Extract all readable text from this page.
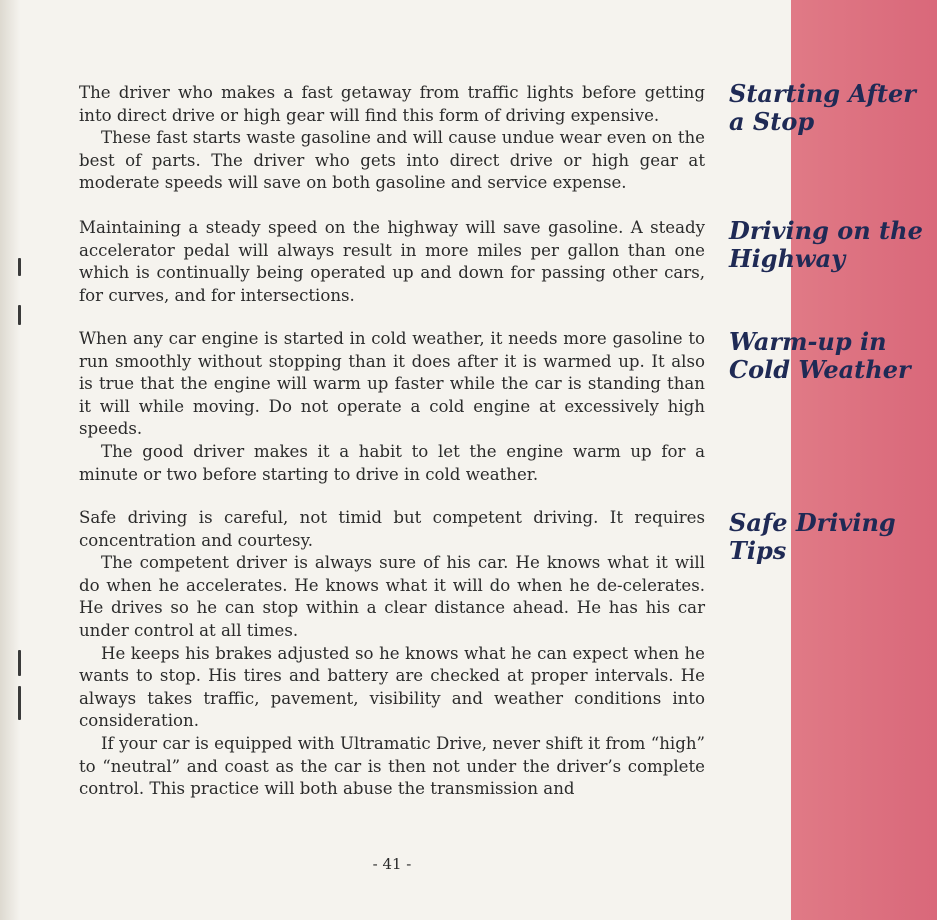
The driver who makes a fast getaway from traffic lights before getting into direct drive or high gear will find this form of driving expensive.

These fast starts waste gasoline and will cause undue wear even on the best of parts. The driver who gets into direct drive or high gear at moderate speeds will save on both gasoline and service expense.

Starting After a Stop

Maintaining a steady speed on the highway will save gasoline. A steady accelerator pedal will always result in more miles per gallon than one which is continually being operated up and down for passing other cars, for curves, and for intersections.

Driving on the Highway

When any car engine is started in cold weather, it needs more gasoline to run smoothly without stopping than it does after it is warmed up. It also is true that the engine will warm up faster while the car is standing than it will while moving. Do not operate a cold engine at excessively high speeds.

The good driver makes it a habit to let the engine warm up for a minute or two before starting to drive in cold weather.

Warm-up in Cold Weather

Safe driving is careful, not timid but competent driving. It requires concentration and courtesy.

The competent driver is always sure of his car. He knows what it will do when he accelerates. He knows what it will do when he de-celerates. He drives so he can stop within a clear distance ahead. He has his car under control at all times.

He keeps his brakes adjusted so he knows what he can expect when he wants to stop. His tires and battery are checked at proper intervals. He always takes traffic, pavement, visibility and weather conditions into consideration.

If your car is equipped with Ultramatic Drive, never shift it from “high” to “neutral” and coast as the car is then not under the driver’s complete control. This practice will both abuse the transmission and

Safe Driving Tips
- 41 -
